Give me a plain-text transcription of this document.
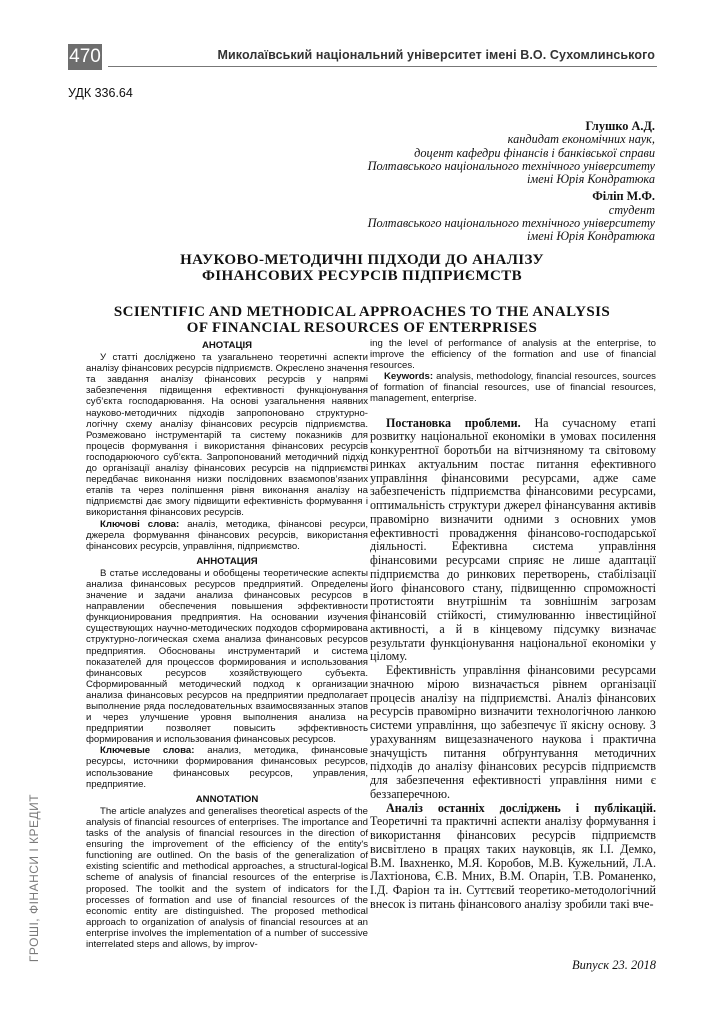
470	Миколаївський національний університет імені В.О. Сухомлинського
УДК 336.64
Глушко А.Д.
кандидат економічних наук,
доцент кафедри фінансів і банківської справи
Полтавського національного технічного університету
імені Юрія Кондратюка
Філіп М.Ф.
студент
Полтавського національного технічного університету
імені Юрія Кондратюка
НАУКОВО-МЕТОДИЧНІ ПІДХОДИ ДО АНАЛІЗУ
ФІНАНСОВИХ РЕСУРСІВ ПІДПРИЄМСТВ
SCIENTIFIC AND METHODICAL APPROACHES TO THE ANALYSIS
OF FINANCIAL RESOURCES OF ENTERPRISES
АНОТАЦІЯ

У статті досліджено та узагальнено теоретичні аспекти аналізу фінансових ресурсів підприємств. Окреслено значення та завдання аналізу фінансових ресурсів у напрямі забезпечення підвищення ефективності функціонування суб’єкта господарювання. На основі узагальнення наявних науково-методичних підходів запропоновано структурно-логічну схему аналізу фінансових ресурсів підприємства. Розмежовано інструментарій та систему показників для процесів формування і використання фінансових ресурсів господарюючого суб’єкта. Запропонований методичний підхід до організації аналізу фінансових ресурсів на підприємстві передбачає виконання низки послідовних взаємопов’язаних етапів та через поліпшення рівня виконання аналізу на підприємстві дає змогу підвищити ефективність формування і використання фінансових ресурсів.

Ключові слова: аналіз, методика, фінансові ресурси, джерела формування фінансових ресурсів, використання фінансових ресурсів, управління, підприємство.

АННОТАЦИЯ

В статье исследованы и обобщены теоретические аспекты анализа финансовых ресурсов предприятий. Определены значение и задачи анализа финансовых ресурсов в направлении обеспечения повышения эффективности функционирования предприятия. На основании изучения существующих научно-методических подходов сформирована структурно-логическая схема анализа финансовых ресурсов предприятия. Обоснованы инструментарий и система показателей для процессов формирования и использования финансовых ресурсов хозяйствующего субъекта. Сформированный методический подход к организации анализа финансовых ресурсов на предприятии предполагает выполнение ряда последовательных взаимосвязанных этапов и через улучшение уровня выполнения анализа на предприятии позволяет повысить эффективность формирования и использования финансовых ресурсов.

Ключевые слова: анализ, методика, финансовые ресурсы, источники формирования финансовых ресурсов, использование финансовых ресурсов, управления, предприятие.

ANNOTATION

The article analyzes and generalises theoretical aspects of the analysis of financial resources of enterprises. The importance and tasks of the analysis of financial resources in the direction of ensuring the improvement of the efficiency of the entity's functioning are outlined. On the basis of the generalization of existing scientific and methodical approaches, a structural-logical scheme of analysis of financial resources of the enterprise is proposed. The toolkit and the system of indicators for the processes of formation and use of financial resources of the economic entity are distinguished. The proposed methodical approach to organization of analysis of financial resources at an enterprise involves the implementation of a number of successive interrelated steps and allows, by improv-

ing the level of performance of analysis at the enterprise, to improve the efficiency of the formation and use of financial resources.

Keywords: analysis, methodology, financial resources, sources of formation of financial resources, use of financial resources, management, enterprise.

Постановка проблеми. На сучасному етапі розвитку національної економіки в умовах посилення конкурентної боротьби на вітчизняному та світовому ринках актуальним постає питання ефективного управління фінансовими ресурсами, адже саме забезпеченість підприємства фінансовими ресурсами, оптимальність структури джерел фінансування активів правомірно визначити одними з основних умов ефективності провадження фінансово-господарської діяльності. Ефективна система управління фінансовими ресурсами сприяє не лише адаптації підприємства до ринкових перетворень, стабілізації його фінансового стану, підвищенню спроможності протистояти внутрішнім та зовнішнім загрозам фінансовій стійкості, стимулюванню інвестиційної активності, а й в кінцевому підсумку визначає результати функціонування національної економіки у цілому.

Ефективність управління фінансовими ресурсами значною мірою визначається рівнем організації процесів аналізу на підприємстві. Аналіз фінансових ресурсів правомірно визначити технологічною ланкою системи управління, що забезпечує її якісну основу. З урахуванням вищезазначеного наукова і практична значущість питання обґрунтування методичних підходів до аналізу фінансових ресурсів підприємств для забезпечення ефективності управління ними є беззаперечною.

Аналіз останніх досліджень і публікацій. Теоретичні та практичні аспекти аналізу формування і використання фінансових ресурсів підприємств висвітлено в працях таких науковців, як І.І. Демко, В.М. Івахненко, М.Я. Коробов, М.В. Кужельний, Л.А. Лахтіонова, Є.В. Мних, В.М. Опарін, Т.В. Романенко, І.Д. Фаріон та ін. Суттєвий теоретико-методологічний внесок із питань фінансового аналізу зробили такі вче-

ГРОШІ, ФІНАНСИ І КРЕДИТ
Випуск 23. 2018
